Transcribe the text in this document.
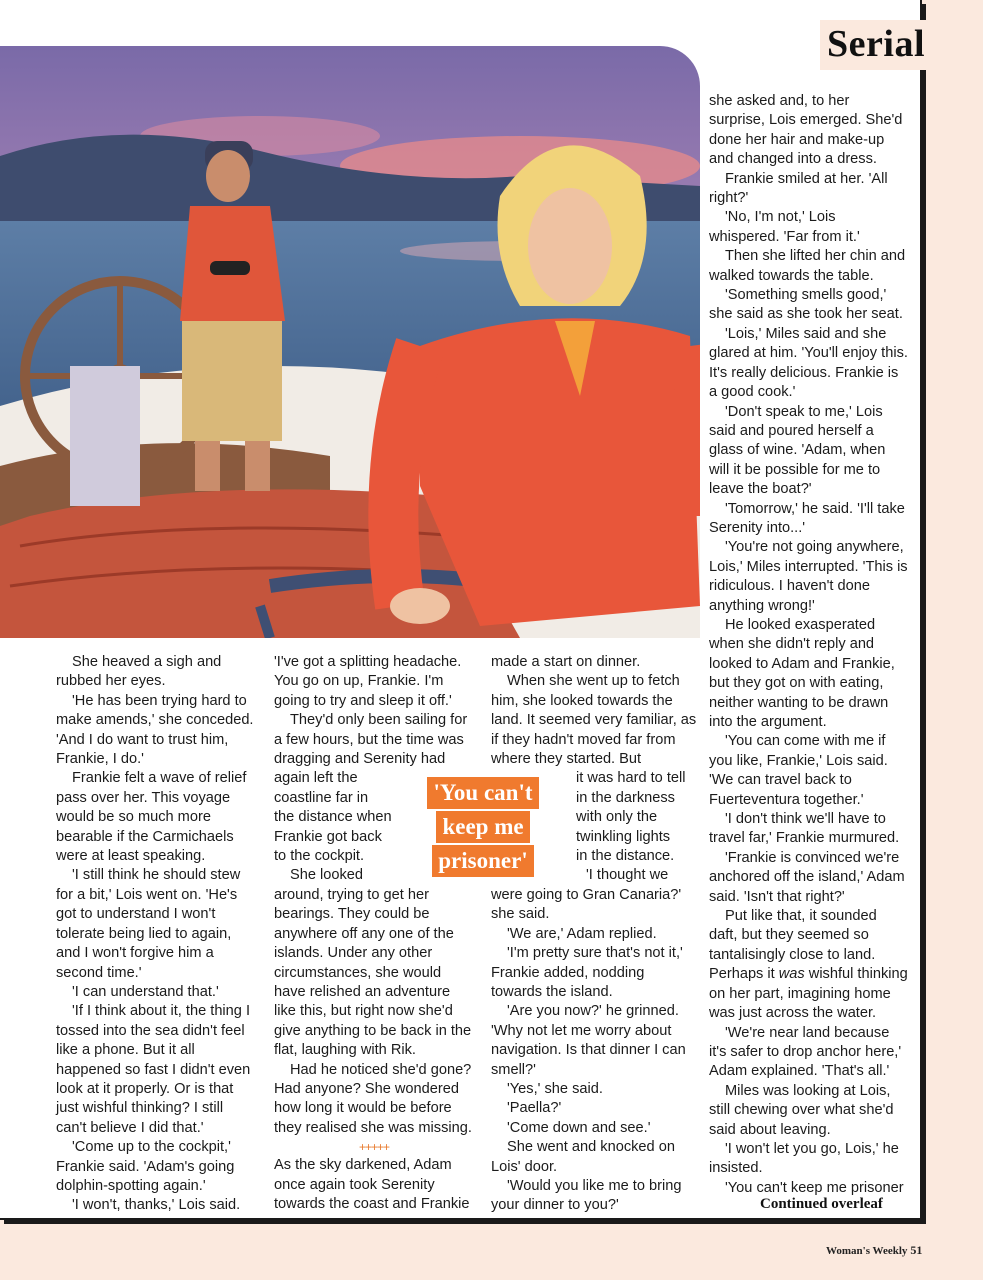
Serial
'You can't
keep me
prisoner'

She heaved a sigh and rubbed her eyes.

'He has been trying hard to make amends,' she conceded. 'And I do want to trust him, Frankie, I do.'

Frankie felt a wave of relief pass over her. This voyage would be so much more bearable if the Carmichaels were at least speaking.

'I still think he should stew for a bit,' Lois went on. 'He's got to understand I won't tolerate being lied to again, and I won't forgive him a second time.'

'I can understand that.'

'If I think about it, the thing I tossed into the sea didn't feel like a phone. But it all happened so fast I didn't even look at it properly. Or is that just wishful thinking? I still can't believe I did that.'

'Come up to the cockpit,' Frankie said. 'Adam's going dolphin-spotting again.'

'I won't, thanks,' Lois said.

'I've got a splitting headache. You go on up, Frankie. I'm going to try and sleep it off.'

They'd only been sailing for a few hours, but the time was dragging and Serenity had

again left the
coastline far in
the distance when
Frankie got back
to the cockpit.
She looked

around, trying to get her bearings. They could be anywhere off any one of the islands. Under any other circumstances, she would have relished an adventure like this, but right now she'd give anything to be back in the flat, laughing with Rik.

Had he noticed she'd gone? Had anyone? She wondered how long it would be before they realised she was missing.

+++++

As the sky darkened, Adam once again took Serenity towards the coast and Frankie

made a start on dinner.

When she went up to fetch him, she looked towards the land. It seemed very familiar, as if they hadn't moved far from where they started. But

it was hard to tell
in the darkness
with only the
twinkling lights
in the distance.
'I thought we

were going to Gran Canaria?' she said.

'We are,' Adam replied.

'I'm pretty sure that's not it,' Frankie added, nodding towards the island.

'Are you now?' he grinned. 'Why not let me worry about navigation. Is that dinner I can smell?'

'Yes,' she said.

'Paella?'

'Come down and see.'

She went and knocked on Lois' door.

'Would you like me to bring your dinner to you?'

she asked and, to her surprise, Lois emerged. She'd done her hair and make-up and changed into a dress.

Frankie smiled at her. 'All right?'

'No, I'm not,' Lois whispered. 'Far from it.'

Then she lifted her chin and walked towards the table.

'Something smells good,' she said as she took her seat.

'Lois,' Miles said and she glared at him. 'You'll enjoy this. It's really delicious. Frankie is a good cook.'

'Don't speak to me,' Lois said and poured herself a glass of wine. 'Adam, when will it be possible for me to leave the boat?'

'Tomorrow,' he said. 'I'll take Serenity into...'

'You're not going anywhere, Lois,' Miles interrupted. 'This is ridiculous. I haven't done anything wrong!'

He looked exasperated when she didn't reply and looked to Adam and Frankie, but they got on with eating, neither wanting to be drawn into the argument.

'You can come with me if you like, Frankie,' Lois said. 'We can travel back to Fuerteventura together.'

'I don't think we'll have to travel far,' Frankie murmured.

'Frankie is convinced we're anchored off the island,' Adam said. 'Isn't that right?'

Put like that, it sounded daft, but they seemed so tantalisingly close to land. Perhaps it was wishful thinking on her part, imagining home was just across the water.

'We're near land because it's safer to drop anchor here,' Adam explained. 'That's all.'

Miles was looking at Lois, still chewing over what she'd said about leaving.

'I won't let you go, Lois,' he insisted.

'You can't keep me prisoner

Continued overleaf
Woman's Weekly 51
